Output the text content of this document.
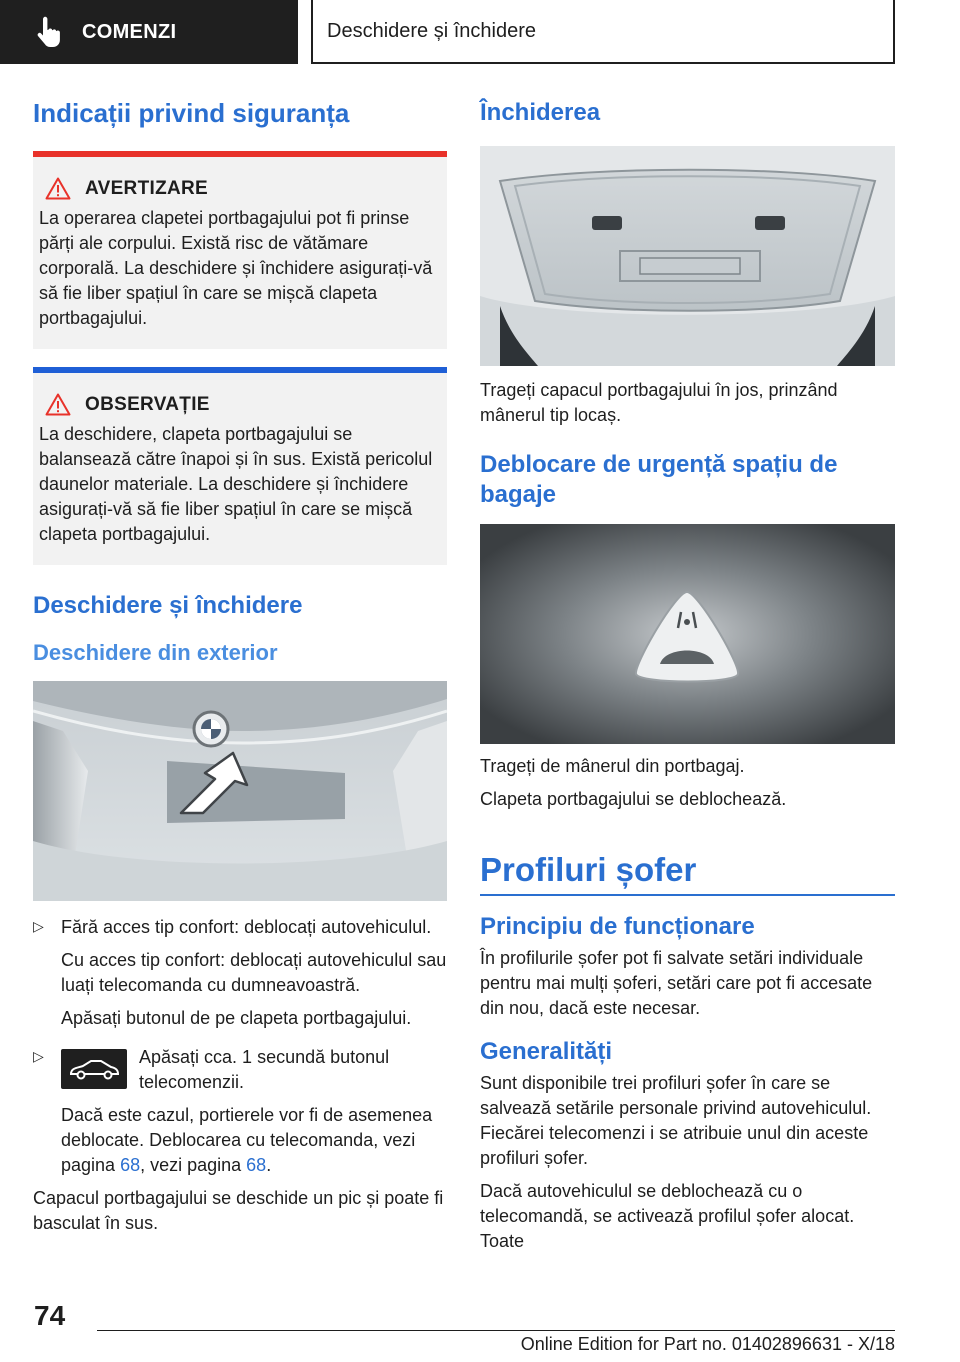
COMENZI	Deschidere și închidere
Indicații privind siguranța
AVERTIZARE

La operarea clapetei portbagajului pot fi prinse părți ale corpului. Există risc de vătămare corporală. La deschidere și închidere asigurați-vă să fie liber spațiul în care se mișcă clapeta portbagajului.

OBSERVAȚIE

La deschidere, clapeta portbagajului se balansează către înapoi și în sus. Există pericolul daunelor materiale. La deschidere și închidere asigurați-vă să fie liber spațiul în care se mișcă clapeta portbagajului.

Deschidere și închidere
Deschidere din exterior
▷ Fără acces tip confort: deblocați autovehiculul.

Cu acces tip confort: deblocați autovehiculul sau luați telecomanda cu dumneavoastră.

Apăsați butonul de pe clapeta portbagajului.

▷	Apăsați cca. 1 secundă butonul telecomenzii.

Dacă este cazul, portierele vor fi de asemenea deblocate. Deblocarea cu telecomanda, vezi pagina 68, vezi pagina 68.

Capacul portbagajului se deschide un pic și poate fi basculat în sus.

Închiderea

Trageți capacul portbagajului în jos, prinzând mânerul tip locaș.

Deblocare de urgență spațiu de bagaje

Trageți de mânerul din portbagaj.

Clapeta portbagajului se deblochează.

Profiluri șofer
Principiu de funcționare

În profilurile șofer pot fi salvate setări individuale pentru mai mulți șoferi, setări care pot fi accesate din nou, dacă este necesar.

Generalități

Sunt disponibile trei profiluri șofer în care se salvează setările personale privind autovehiculul. Fiecărei telecomenzi i se atribuie unul din aceste profiluri șofer.

Dacă autovehiculul se deblochează cu o telecomandă, se activează profilul șofer alocat. Toate

74
Online Edition for Part no. 01402896631 - X/18
